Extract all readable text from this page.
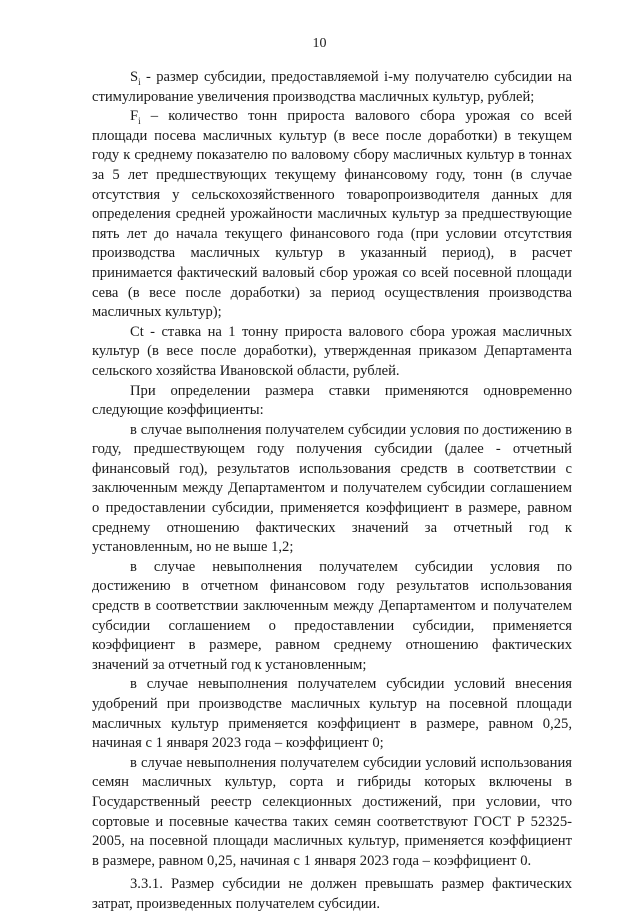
10

$S_i$ - размер субсидии, предоставляемой i-му получателю субсидии на стимулирование увеличения производства масличных культур, рублей;

$F_i$ – количество тонн прироста валового сбора урожая со всей площади посева масличных культур (в весе после доработки) в текущем году к среднему показателю по валовому сбору масличных культур в тоннах за 5 лет предшествующих текущему финансовому году, тонн (в случае отсутствия у сельскохозяйственного товаропроизводителя данных для определения средней урожайности масличных культур за предшествующие пять лет до начала текущего финансового года (при условии отсутствия производства масличных культур в указанный период), в расчет принимается фактический валовый сбор урожая со всей посевной площади сева (в весе после доработки) за период осуществления производства масличных культур);

Ct - ставка на 1 тонну прироста валового сбора урожая масличных культур (в весе после доработки), утвержденная приказом Департамента сельского хозяйства Ивановской области, рублей.

При определении размера ставки применяются одновременно следующие коэффициенты:

в случае выполнения получателем субсидии условия по достижению в году, предшествующем году получения субсидии (далее - отчетный финансовый год), результатов использования средств в соответствии с заключенным между Департаментом и получателем субсидии соглашением о предоставлении субсидии, применяется коэффициент в размере, равном среднему отношению фактических значений за отчетный год к установленным, но не выше 1,2;

в случае невыполнения получателем субсидии условия по достижению в отчетном финансовом году результатов использования средств в соответствии заключенным между Департаментом и получателем субсидии соглашением о предоставлении субсидии, применяется коэффициент в размере, равном среднему отношению фактических значений за отчетный год к установленным;

в случае невыполнения получателем субсидии условий внесения удобрений при производстве масличных культур на посевной площади масличных культур применяется коэффициент в размере, равном 0,25, начиная с 1 января 2023 года – коэффициент 0;

в случае невыполнения получателем субсидии условий использования семян масличных культур, сорта и гибриды которых включены в Государственный реестр селекционных достижений, при условии, что сортовые и посевные качества таких семян соответствуют ГОСТ Р 52325-2005, на посевной площади масличных культур, применяется коэффициент в размере, равном 0,25, начиная с 1 января 2023 года – коэффициент 0.

3.3.1. Размер субсидии не должен превышать размер фактических затрат, произведенных получателем субсидии.
